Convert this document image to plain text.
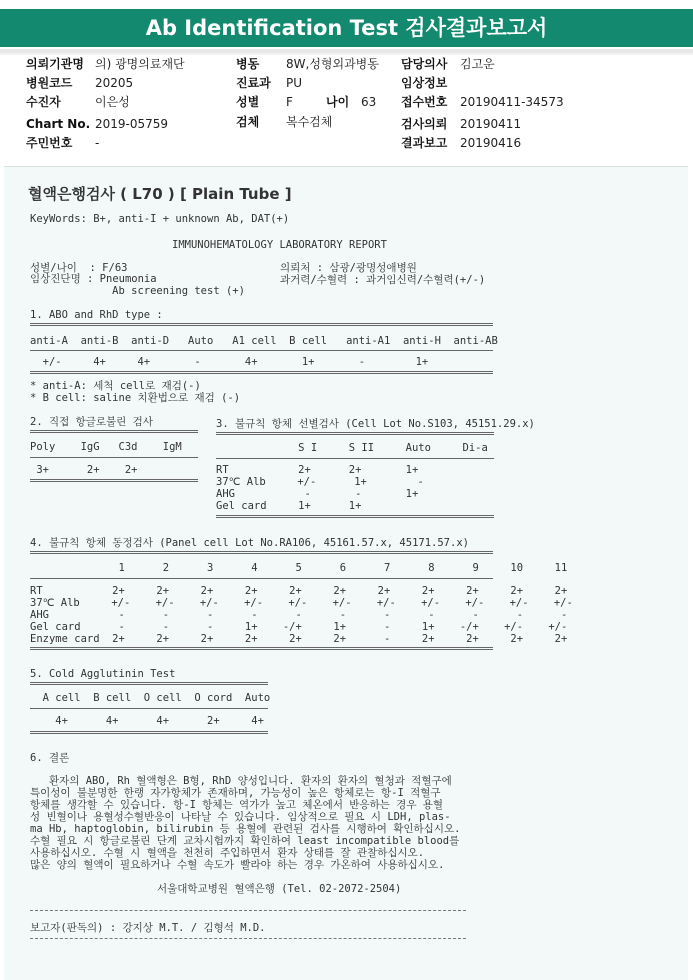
Ab Identification Test 검사결과보고서
의뢰기관명 의) 광명의료재단
병원코드 20205
수진자	이은성
Chart No. 2019-05759
주민번호 -
병동 8W,성형외과병동
진료과 PU
성별 F
검체 복수검체
나이 63
담당의사 김고운
임상정보
접수번호 20190411-34573
검사의뢰 20190411
결과보고 20190416
혈액은행검사 ( L70 ) [ Plain Tube ]
KeyWords: B+, anti-I + unknown Ab, DAT(+)
IMMUNOHEMATOLOGY LABORATORY REPORT
성별/나이  : F/63
임상진단명 : Pneumonia
Ab screening test (+)
의뢰처 : 삼광/광명성애병원
과거력/수혈력 : 과거임신력/수혈력(+/-)
1. ABO and RhD type :
anti-A  anti-B  anti-D   Auto   A1 cell  B cell   anti-A1  anti-H  anti-AB
+/-     4+     4+       -       4+       1+       -        1+
* anti-A: 세척 cell로 재검(-)
* B cell: saline 치환법으로 재검 (-)
2. 직접 항글로불린 검사
Poly    IgG   C3d    IgM
3+      2+    2+
3. 불규칙 항체 선별검사 (Cell Lot No.S103, 45151.29.x)
S I     S II     Auto     Di-a
RT           2+      2+       1+
37℃ Alb     +/-      1+        -
AHG           -       -       1+
Gel card     1+      1+
4. 불규칙 항체 동정검사 (Panel cell Lot No.RA106, 45161.57.x, 45171.57.x)
1      2      3      4      5      6      7      8      9     10     11
RT           2+     2+     2+     2+     2+     2+     2+     2+     2+     2+     2+
37℃ Alb     +/-    +/-    +/-    +/-    +/-    +/-    +/-    +/-    +/-    +/-    +/-
AHG           -      -      -      -      -      -      -      -      -      -      -
Gel card      -      -      -     1+    -/+     1+      -     1+    -/+    +/-    +/-
Enzyme card  2+     2+     2+     2+     2+     2+      -     2+     2+     2+     2+
5. Cold Agglutinin Test
A cell  B cell  O cell  O cord  Auto
4+      4+      4+      2+     4+
6. 결론
환자의 ABO, Rh 혈액형은 B형, RhD 양성입니다. 환자의 환자의 혈청과 적혈구에
특이성이 불분명한 한랭 자가항체가 존재하며, 가능성이 높은 항체로는 항-I 적혈구
항체를 생각할 수 있습니다. 항-I 항체는 역가가 높고 체온에서 반응하는 경우 용혈
성 빈혈이나 용혈성수혈반응이 나타날 수 있습니다. 임상적으로 필요 시 LDH, plas-
ma Hb, haptoglobin, bilirubin 등 용혈에 관련된 검사를 시행하여 확인하십시오.
수혈 필요 시 항글로불린 단계 교차시험까지 확인하여 least incompatible blood를
사용하십시오. 수혈 시 혈액을 천천히 주입하면서 환자 상태를 잘 관찰하십시오.
많은 양의 혈액이 필요하거나 수혈 속도가 빨라야 하는 경우 가온하여 사용하십시오.
서울대학교병원 혈액은행 (Tel. 02-2072-2504)
보고자(판독의) : 강지상 M.T. / 김형석 M.D.
